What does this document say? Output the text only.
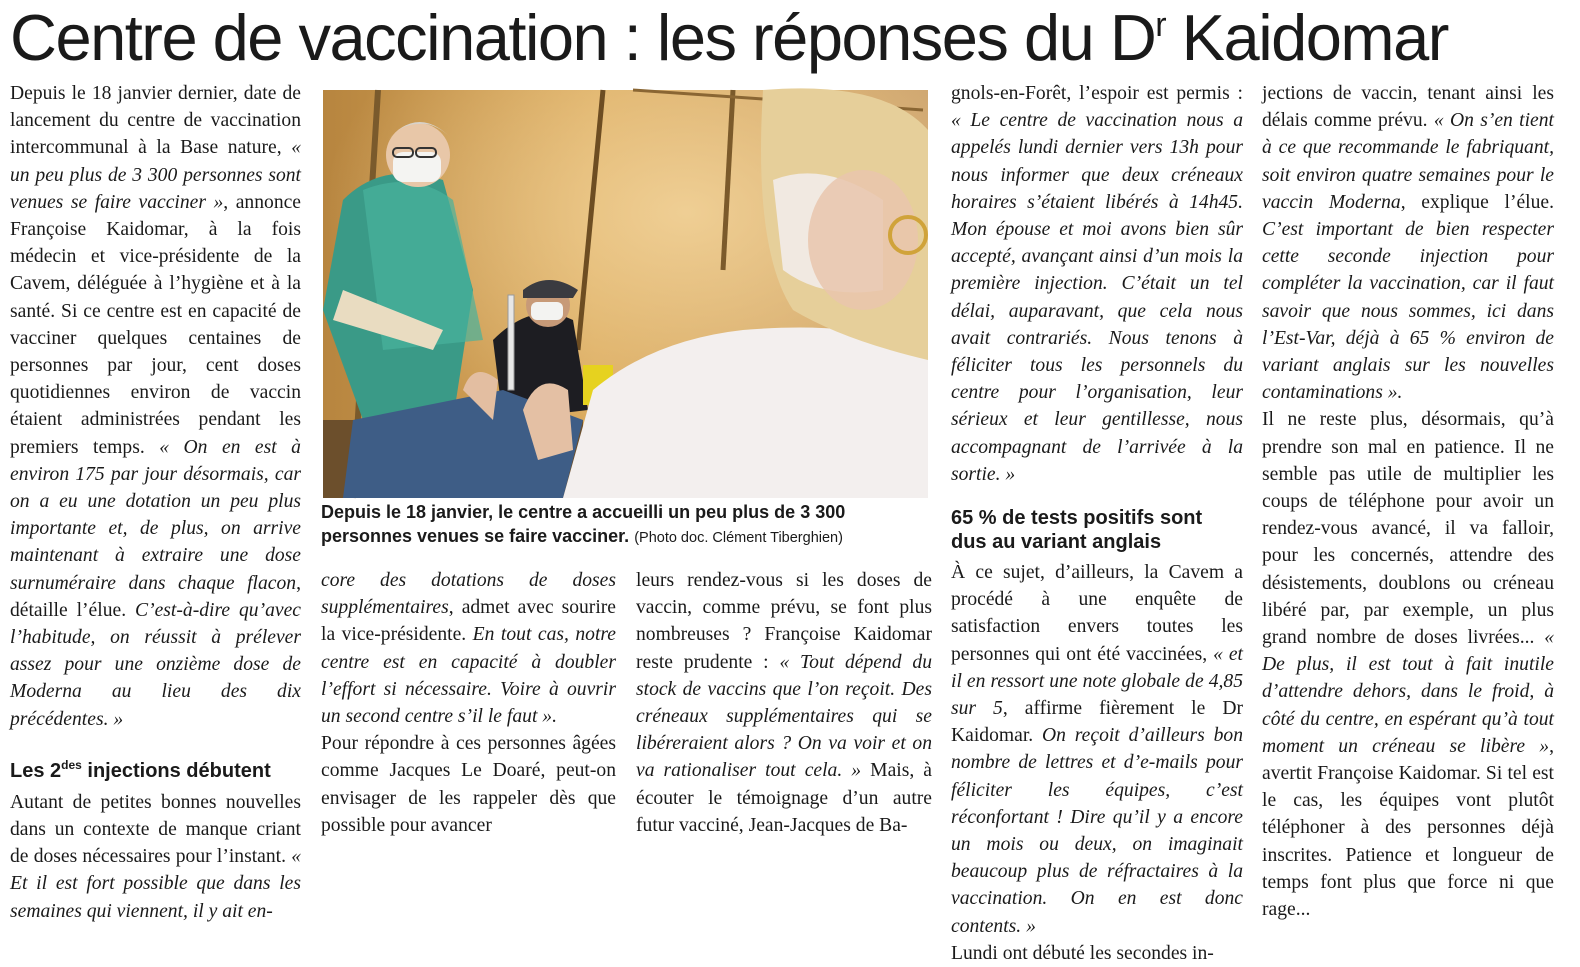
Centre de vaccination : les réponses du $D^r$ Kaidomar

Depuis le 18 janvier dernier, date de lancement du centre de vaccination intercommunal à la Base nature, « un peu plus de 3 300 personnes sont venues se faire vacciner », annonce Françoise Kaidomar, à la fois médecin et vice-présidente de la Cavem, déléguée à l’hygiène et à la santé. Si ce centre est en capacité de vacciner quelques centaines de personnes par jour, cent doses quotidiennes environ de vaccin étaient administrées pendant les premiers temps. « On en est à environ 175 par jour désormais, car on a eu une dotation un peu plus importante et, de plus, on arrive maintenant à extraire une dose surnuméraire dans chaque flacon, détaille l’élue. C’est-à-dire qu’avec l’habitude, on réussit à prélever assez pour une onzième dose de Moderna au lieu des dix précédentes. »

Les $2^{des}$ injections débutent

Autant de petites bonnes nouvelles dans un contexte de manque criant de doses nécessaires pour l’instant. « Et il est fort possible que dans les semaines qui viennent, il y ait en-

Depuis le 18 janvier, le centre a accueilli un peu plus de 3 300 personnes venues se faire vacciner. (Photo doc. Clément Tiberghien)

core des dotations de doses supplémentaires, admet avec sourire la vice-présidente. En tout cas, notre centre est en capacité à doubler l’effort si nécessaire. Voire à ouvrir un second centre s’il le faut ».

Pour répondre à ces personnes âgées comme Jacques Le Doaré, peut-on envisager de les rappeler dès que possible pour avancer

leurs rendez-vous si les doses de vaccin, comme prévu, se font plus nombreuses ? Françoise Kaidomar reste prudente : « Tout dépend du stock de vaccins que l’on reçoit. Des créneaux supplémentaires qui se libéreraient alors ? On va voir et on va rationaliser tout cela. » Mais, à écouter le témoignage d’un autre futur vacciné, Jean-Jacques de Ba-

gnols-en-Forêt, l’espoir est permis : « Le centre de vaccination nous a appelés lundi dernier vers 13h pour nous informer que deux créneaux horaires s’étaient libérés à 14h45. Mon épouse et moi avons bien sûr accepté, avançant ainsi d’un mois la première injection. C’était un tel délai, auparavant, que cela nous avait contrariés. Nous tenons à féliciter tous les personnels du centre pour l’organisation, leur sérieux et leur gentillesse, nous accompagnant de l’arrivée à la sortie. »

65 % de tests positifs sont dus au variant anglais

À ce sujet, d’ailleurs, la Cavem a procédé à une enquête de satisfaction envers toutes les personnes qui ont été vaccinées, « et il en ressort une note globale de 4,85 sur 5, affirme fièrement le Dr Kaidomar. On reçoit d’ailleurs bon nombre de lettres et d’e-mails pour féliciter les équipes, c’est réconfortant ! Dire qu’il y a encore un mois ou deux, on imaginait beaucoup plus de réfractaires à la vaccination. On en est donc contents. »

Lundi ont débuté les secondes in-

jections de vaccin, tenant ainsi les délais comme prévu. « On s’en tient à ce que recommande le fabriquant, soit environ quatre semaines pour le vaccin Moderna, explique l’élue. C’est important de bien respecter cette seconde injection pour compléter la vaccination, car il faut savoir que nous sommes, ici dans l’Est-Var, déjà à 65 % environ de variant anglais sur les nouvelles contaminations ».

Il ne reste plus, désormais, qu’à prendre son mal en patience. Il ne semble pas utile de multiplier les coups de téléphone pour avoir un rendez-vous avancé, il va falloir, pour les concernés, attendre des désistements, doublons ou créneau libéré par, par exemple, un plus grand nombre de doses livrées... « De plus, il est tout à fait inutile d’attendre dehors, dans le froid, à côté du centre, en espérant qu’à tout moment un créneau se libère », avertit Françoise Kaidomar. Si tel est le cas, les équipes vont plutôt téléphoner à des personnes déjà inscrites. Patience et longueur de temps font plus que force ni que rage...
